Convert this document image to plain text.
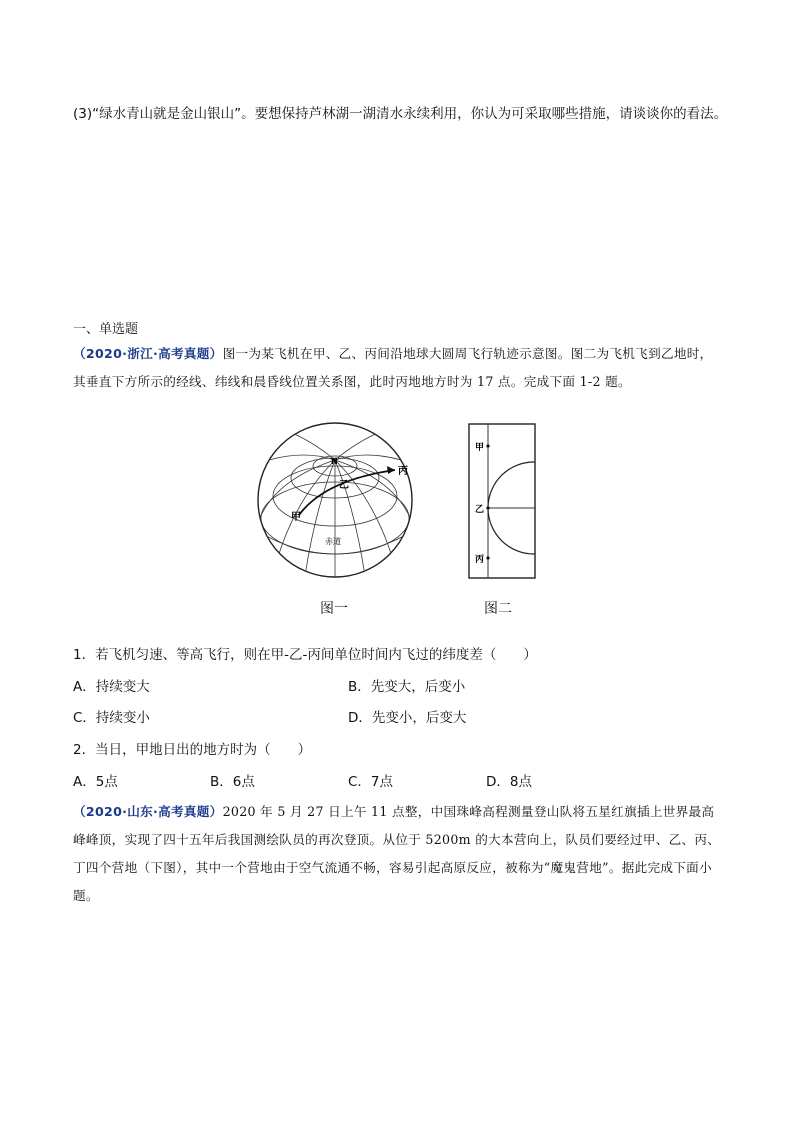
(3)“绿水青山就是金山银山”。要想保持芦林湖一湖清水永续利用，你认为可采取哪些措施，请谈谈你的看法。
一、单选题
（2020·浙江·高考真题）图一为某飞机在甲、乙、丙间沿地球大圆周飞行轨迹示意图。图二为飞机飞到乙地时，其垂直下方所示的经线、纬线和晨昏线位置关系图，此时丙地地方时为 17 点。完成下面 1-2 题。
N
乙
丙
甲
赤道
甲
乙
丙
图一	图二
1．若飞机匀速、等高飞行，则在甲-乙-丙间单位时间内飞过的纬度差（　　）
A．持续变大	B．先变大，后变小
C．持续变小	D．先变小，后变大
2．当日，甲地日出的地方时为（　　）
A．5点	B．6点	C．7点	D．8点
（2020·山东·高考真题）2020 年 5 月 27 日上午 11 点整，中国珠峰高程测量登山队将五星红旗插上世界最高峰峰顶，实现了四十五年后我国测绘队员的再次登顶。从位于 5200m 的大本营向上，队员们要经过甲、乙、丙、丁四个营地（下图），其中一个营地由于空气流通不畅，容易引起高原反应，被称为“魔鬼营地”。据此完成下面小题。
